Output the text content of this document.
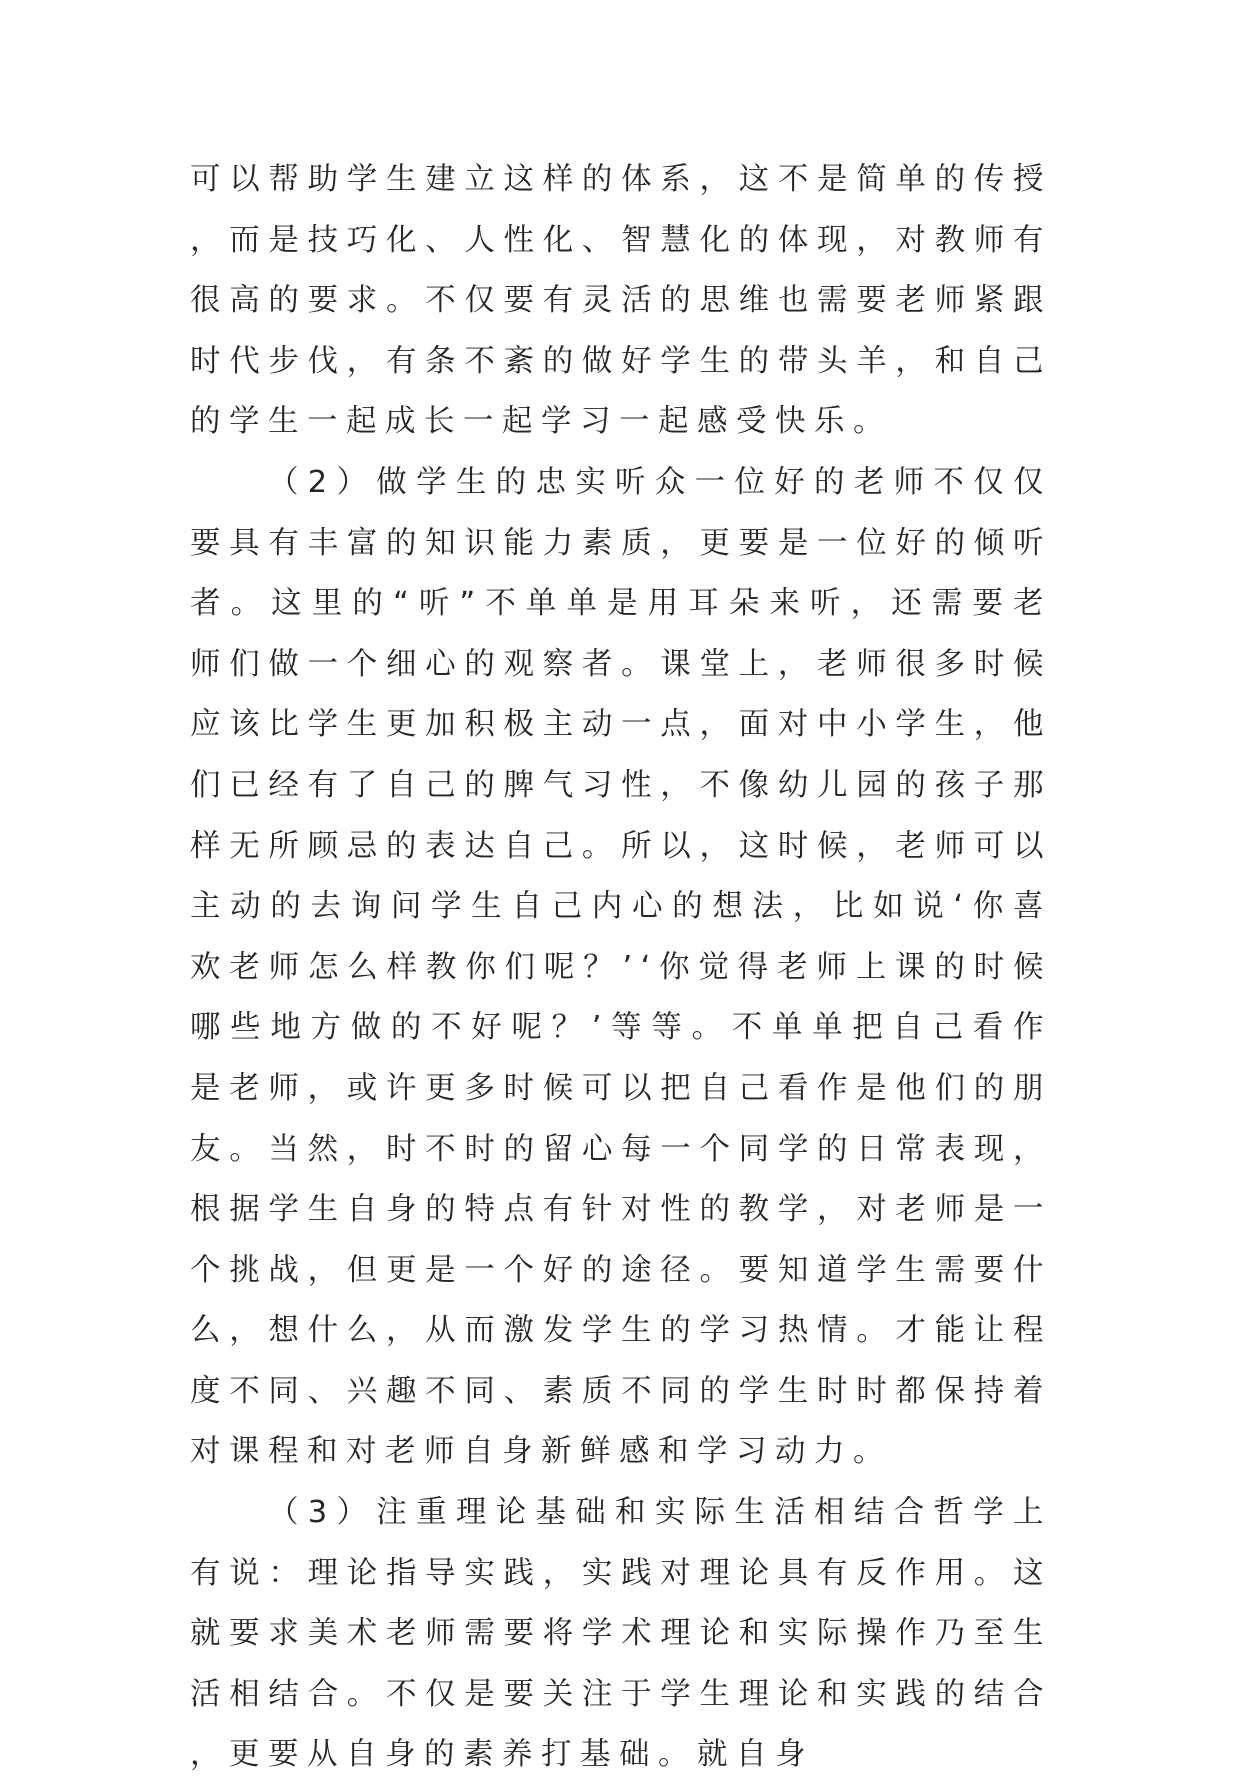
可以帮助学生建立这样的体系，这不是简单的传授，而是技巧化、人性化、智慧化的体现，对教师有很高的要求。不仅要有灵活的思维也需要老师紧跟时代步伐，有条不紊的做好学生的带头羊，和自己的学生一起成长一起学习一起感受快乐。

（2）做学生的忠实听众一位好的老师不仅仅要具有丰富的知识能力素质，更要是一位好的倾听者。这里的“听”不单单是用耳朵来听，还需要老师们做一个细心的观察者。课堂上，老师很多时候应该比学生更加积极主动一点，面对中小学生，他们已经有了自己的脾气习性，不像幼儿园的孩子那样无所顾忌的表达自己。所以，这时候，老师可以主动的去询问学生自己内心的想法，比如说‘你喜欢老师怎么样教你们呢？’‘你觉得老师上课的时候哪些地方做的不好呢？’等等。不单单把自己看作是老师，或许更多时候可以把自己看作是他们的朋友。当然，时不时的留心每一个同学的日常表现，根据学生自身的特点有针对性的教学，对老师是一个挑战，但更是一个好的途径。要知道学生需要什么，想什么，从而激发学生的学习热情。才能让程度不同、兴趣不同、素质不同的学生时时都保持着对课程和对老师自身新鲜感和学习动力。

（3）注重理论基础和实际生活相结合哲学上有说：理论指导实践，实践对理论具有反作用。这就要求美术老师需要将学术理论和实际操作乃至生活相结合。不仅是要关注于学生理论和实践的结合，更要从自身的素养打基础。就自身
